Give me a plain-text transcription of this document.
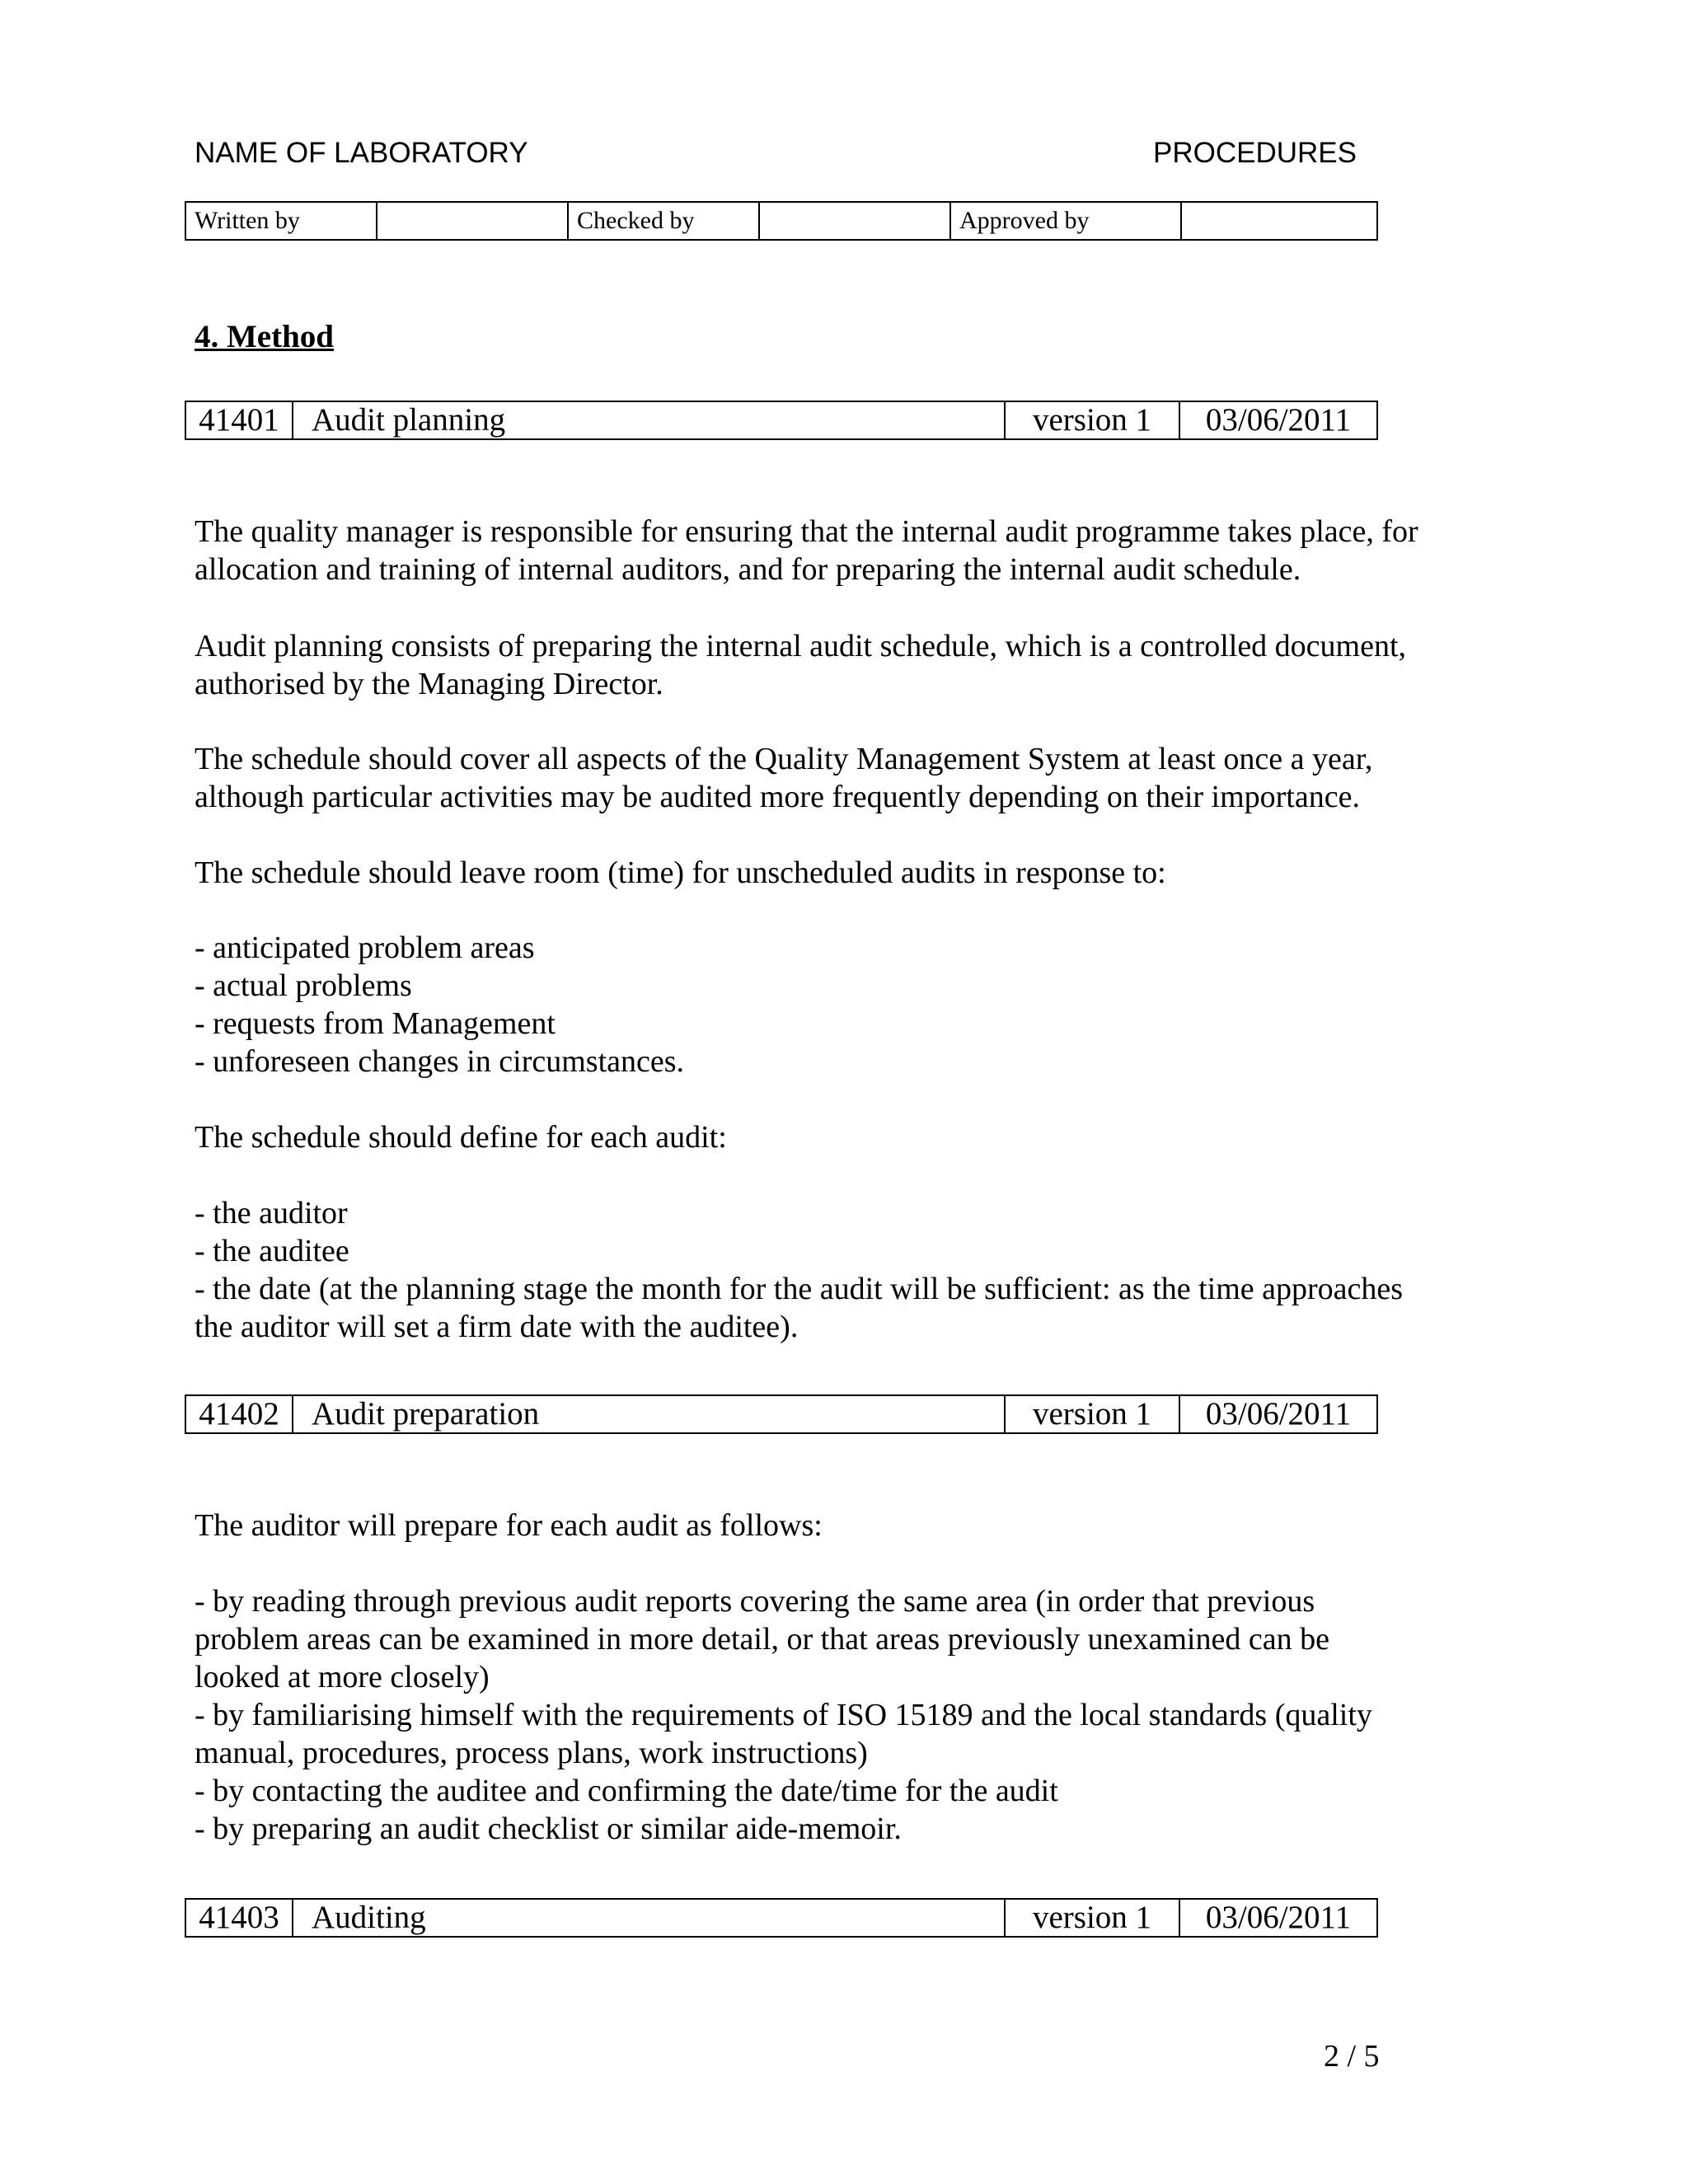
NAME OF LABORATORY	PROCEDURES
Written by		Checked by		Approved by	
4. Method
41401	Audit planning	version 1	03/06/2011
The quality manager is responsible for ensuring that the internal audit programme takes place, for
allocation and training of internal auditors, and for preparing the internal audit schedule.
Audit planning consists of preparing the internal audit schedule, which is a controlled document,
authorised by the Managing Director.
The schedule should cover all aspects of the Quality Management System at least once a year,
although particular activities may be audited more frequently depending on their importance.
The schedule should leave room (time) for unscheduled audits in response to:
- anticipated problem areas
- actual problems
- requests from Management
- unforeseen changes in circumstances.
The schedule should define for each audit:
- the auditor
- the auditee
- the date (at the planning stage the month for the audit will be sufficient: as the time approaches
the auditor will set a firm date with the auditee).
41402	Audit preparation	version 1	03/06/2011
The auditor will prepare for each audit as follows:
- by reading through previous audit reports covering the same area (in order that previous
problem areas can be examined in more detail, or that areas previously unexamined can be
looked at more closely)
- by familiarising himself with the requirements of ISO 15189 and the local standards (quality
manual, procedures, process plans, work instructions)
- by contacting the auditee and confirming the date/time for the audit
- by preparing an audit checklist or similar aide-memoir.
41403	Auditing	version 1	03/06/2011
2 / 5
